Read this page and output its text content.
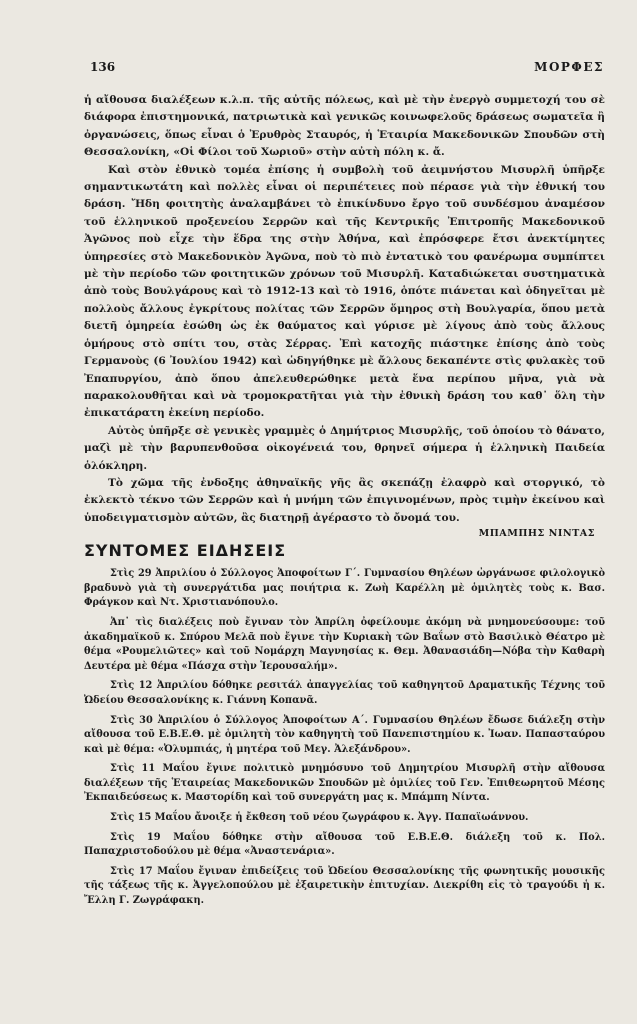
136	ΜΟΡΦΕΣ

ἡ αἴθουσα διαλέξεων κ.λ.π. τῆς αὐτῆς πόλεως, καὶ μὲ τὴν ἐνεργὸ συμμετοχή του σὲ διάφορα ἐπιστημονικά, πατριωτικὰ καὶ γενικῶς κοινωφελοῦς δράσεως σωματεῖα ἢ ὀργανώσεις, ὅπως εἶναι ὁ Ἐρυθρὸς Σταυρός, ἡ Ἑταιρία Μακεδονικῶν Σπουδῶν στὴ Θεσσαλονίκη, «Οἱ Φίλοι τοῦ Χωριοῦ» στὴν αὐτὴ πόλη κ. ἄ.

Καὶ στὸν ἐθνικὸ τομέα ἐπίσης ἡ συμβολὴ τοῦ ἀειμνήστου Μισυρλῆ ὑπῆρξε σημαντικωτάτη καὶ πολλὲς εἶναι οἱ περιπέτειες ποὺ πέρασε γιὰ τὴν ἐθνική του δράση. Ἤδη φοιτητὴς ἀναλαμβάνει τὸ ἐπικίνδυνο ἔργο τοῦ συνδέσμου ἀναμέσον τοῦ ἑλληνικοῦ προξενείου Σερρῶν καὶ τῆς Κεντρικῆς Ἐπιτροπῆς Μακεδονικοῦ Ἀγῶνος ποὺ εἶχε τὴν ἕδρα της στὴν Ἀθήνα, καὶ ἐπρόσφερε ἔτσι ἀνεκτίμητες ὑπηρεσίες στὸ Μακεδονικὸν Ἀγῶνα, ποὺ τὸ πιὸ ἐντατικὸ του φανέρωμα συμπίπτει μὲ τὴν περίοδο τῶν φοιτητικῶν χρόνων τοῦ Μισυρλῆ. Καταδιώκεται συστηματικὰ ἀπὸ τοὺς Βουλγάρους καὶ τὸ 1912-13 καὶ τὸ 1916, ὁπότε πιάνεται καὶ ὁδηγεῖται μὲ πολλοὺς ἄλλους ἐγκρίτους πολίτας τῶν Σερρῶν ὅμηρος στὴ Βουλγαρία, ὅπου μετὰ διετῆ ὁμηρεία ἐσώθη ὡς ἐκ θαύματος καὶ γύρισε μὲ λίγους ἀπὸ τοὺς ἄλλους ὁμήρους στὸ σπίτι του, στὰς Σέρρας. Ἐπὶ κατοχῆς πιάστηκε ἐπίσης ἀπὸ τοὺς Γερμανοὺς (6 Ἰουλίου 1942) καὶ ὡδηγήθηκε μὲ ἄλλους δεκαπέντε στὶς φυλακὲς τοῦ Ἐπαπυργίου, ἀπὸ ὅπου ἀπελευθερώθηκε μετὰ ἕνα περίπου μῆνα, γιὰ νὰ παρακολουθῆται καὶ νὰ τρομοκρατῆται γιὰ τὴν ἐθνικὴ δράση του καθ᾽ ὅλη τὴν ἐπικατάρατη ἐκείνη περίοδο.

Αὐτὸς ὑπῆρξε σὲ γενικὲς γραμμὲς ὁ Δημήτριος Μισυρλῆς, τοῦ ὁποίου τὸ θάνατο, μαζὶ μὲ τὴν βαρυπενθοῦσα οἰκογένειά του, θρηνεῖ σήμερα ἡ ἑλληνικὴ Παιδεία ὁλόκληρη.

Τὸ χῶμα τῆς ἐνδοξης ἀθηναϊκῆς γῆς ἂς σκεπάζῃ ἐλαφρὸ καὶ στοργικό, τὸ ἐκλεκτὸ τέκνο τῶν Σερρῶν καὶ ἡ μνήμη τῶν ἐπιγινομένων, πρὸς τιμὴν ἐκείνου καὶ ὑποδειγματισμὸν αὐτῶν, ἂς διατηρῇ ἀγέραστο τὸ ὄνομά του.

ΜΠΑΜΠΗΣ ΝΙΝΤΑΣ

ΣΥΝΤΟΜΕΣ ΕΙΔΗΣΕΙΣ

Στὶς 29 Ἀπριλίου ὁ Σύλλογος Ἀποφοίτων Γ΄. Γυμνασίου Θηλέων ὠργάνωσε φιλολογικὸ βραδυνὸ γιὰ τὴ συνεργάτιδα μας ποιήτρια κ. Ζωὴ Καρέλλη μὲ ὁμιλητὲς τοὺς κ. Βασ. Φράγκον καὶ Ντ. Χριστιανόπουλο.

Ἀπ᾽ τὶς διαλέξεις ποὺ ἔγιναν τὸν Ἀπρίλη ὀφείλουμε ἀκόμη νὰ μνημονεύσουμε: τοῦ ἀκαδημαϊκοῦ κ. Σπύρου Μελᾶ ποὺ ἔγινε τὴν Κυριακὴ τῶν Βαΐων στὸ Βασιλικὸ Θέατρο μὲ θέμα «Ρουμελιῶτες» καὶ τοῦ Νομάρχη Μαγνησίας κ. Θεμ. Ἀθανασιάδη—Νόβα τὴν Καθαρὴ Δευτέρα μὲ θέμα «Πάσχα στὴν Ἱερουσαλήμ».

Στὶς 12 Ἀπριλίου δόθηκε ρεσιτάλ ἀπαγγελίας τοῦ καθηγητοῦ Δραματικῆς Τέχνης τοῦ Ὠδείου Θεσσαλονίκης κ. Γιάννη Κοπανᾶ.

Στὶς 30 Ἀπριλίου ὁ Σύλλογος Ἀποφοίτων Α΄. Γυμνασίου Θηλέων ἔδωσε διάλεξη στὴν αἴθουσα τοῦ Ε.Β.Ε.Θ. μὲ ὁμιλητὴ τὸν καθηγητὴ τοῦ Πανεπιστημίου κ. Ἰωαν. Παπασταύρου καὶ μὲ θέμα: «Ὀλυμπιάς, ἡ μητέρα τοῦ Μεγ. Ἀλεξάνδρου».

Στὶς 11 Μαΐου ἔγινε πολιτικὸ μνημόσυνο τοῦ Δημητρίου Μισυρλῆ στὴν αἴθουσα διαλέξεων τῆς Ἑταιρείας Μακεδονικῶν Σπουδῶν μὲ ὁμιλίες τοῦ Γεν. Ἐπιθεωρητοῦ Μέσης Ἐκπαιδεύσεως κ. Μαστορίδη καὶ τοῦ συνεργάτη μας κ. Μπάμπη Νίντα.

Στὶς 15 Μαΐου ἄνοιξε ἡ ἔκθεση τοῦ νέου ζωγράφου κ. Ἀγγ. Παπαϊωάννου.

Στὶς 19 Μαΐου δόθηκε στὴν αἴθουσα τοῦ Ε.Β.Ε.Θ. διάλεξη τοῦ κ. Πολ. Παπαχριστοδούλου μὲ θέμα «Ἀναστενάρια».

Στὶς 17 Μαΐου ἔγιναν ἐπιδείξεις τοῦ Ὠδείου Θεσσαλονίκης τῆς φωνητικῆς μουσικῆς τῆς τάξεως τῆς κ. Ἀγγελοπούλου μὲ ἐξαιρετικὴν ἐπιτυχίαν. Διεκρίθη εἰς τὸ τραγούδι ἡ κ. Ἔλλη Γ. Ζωγράφακη.
